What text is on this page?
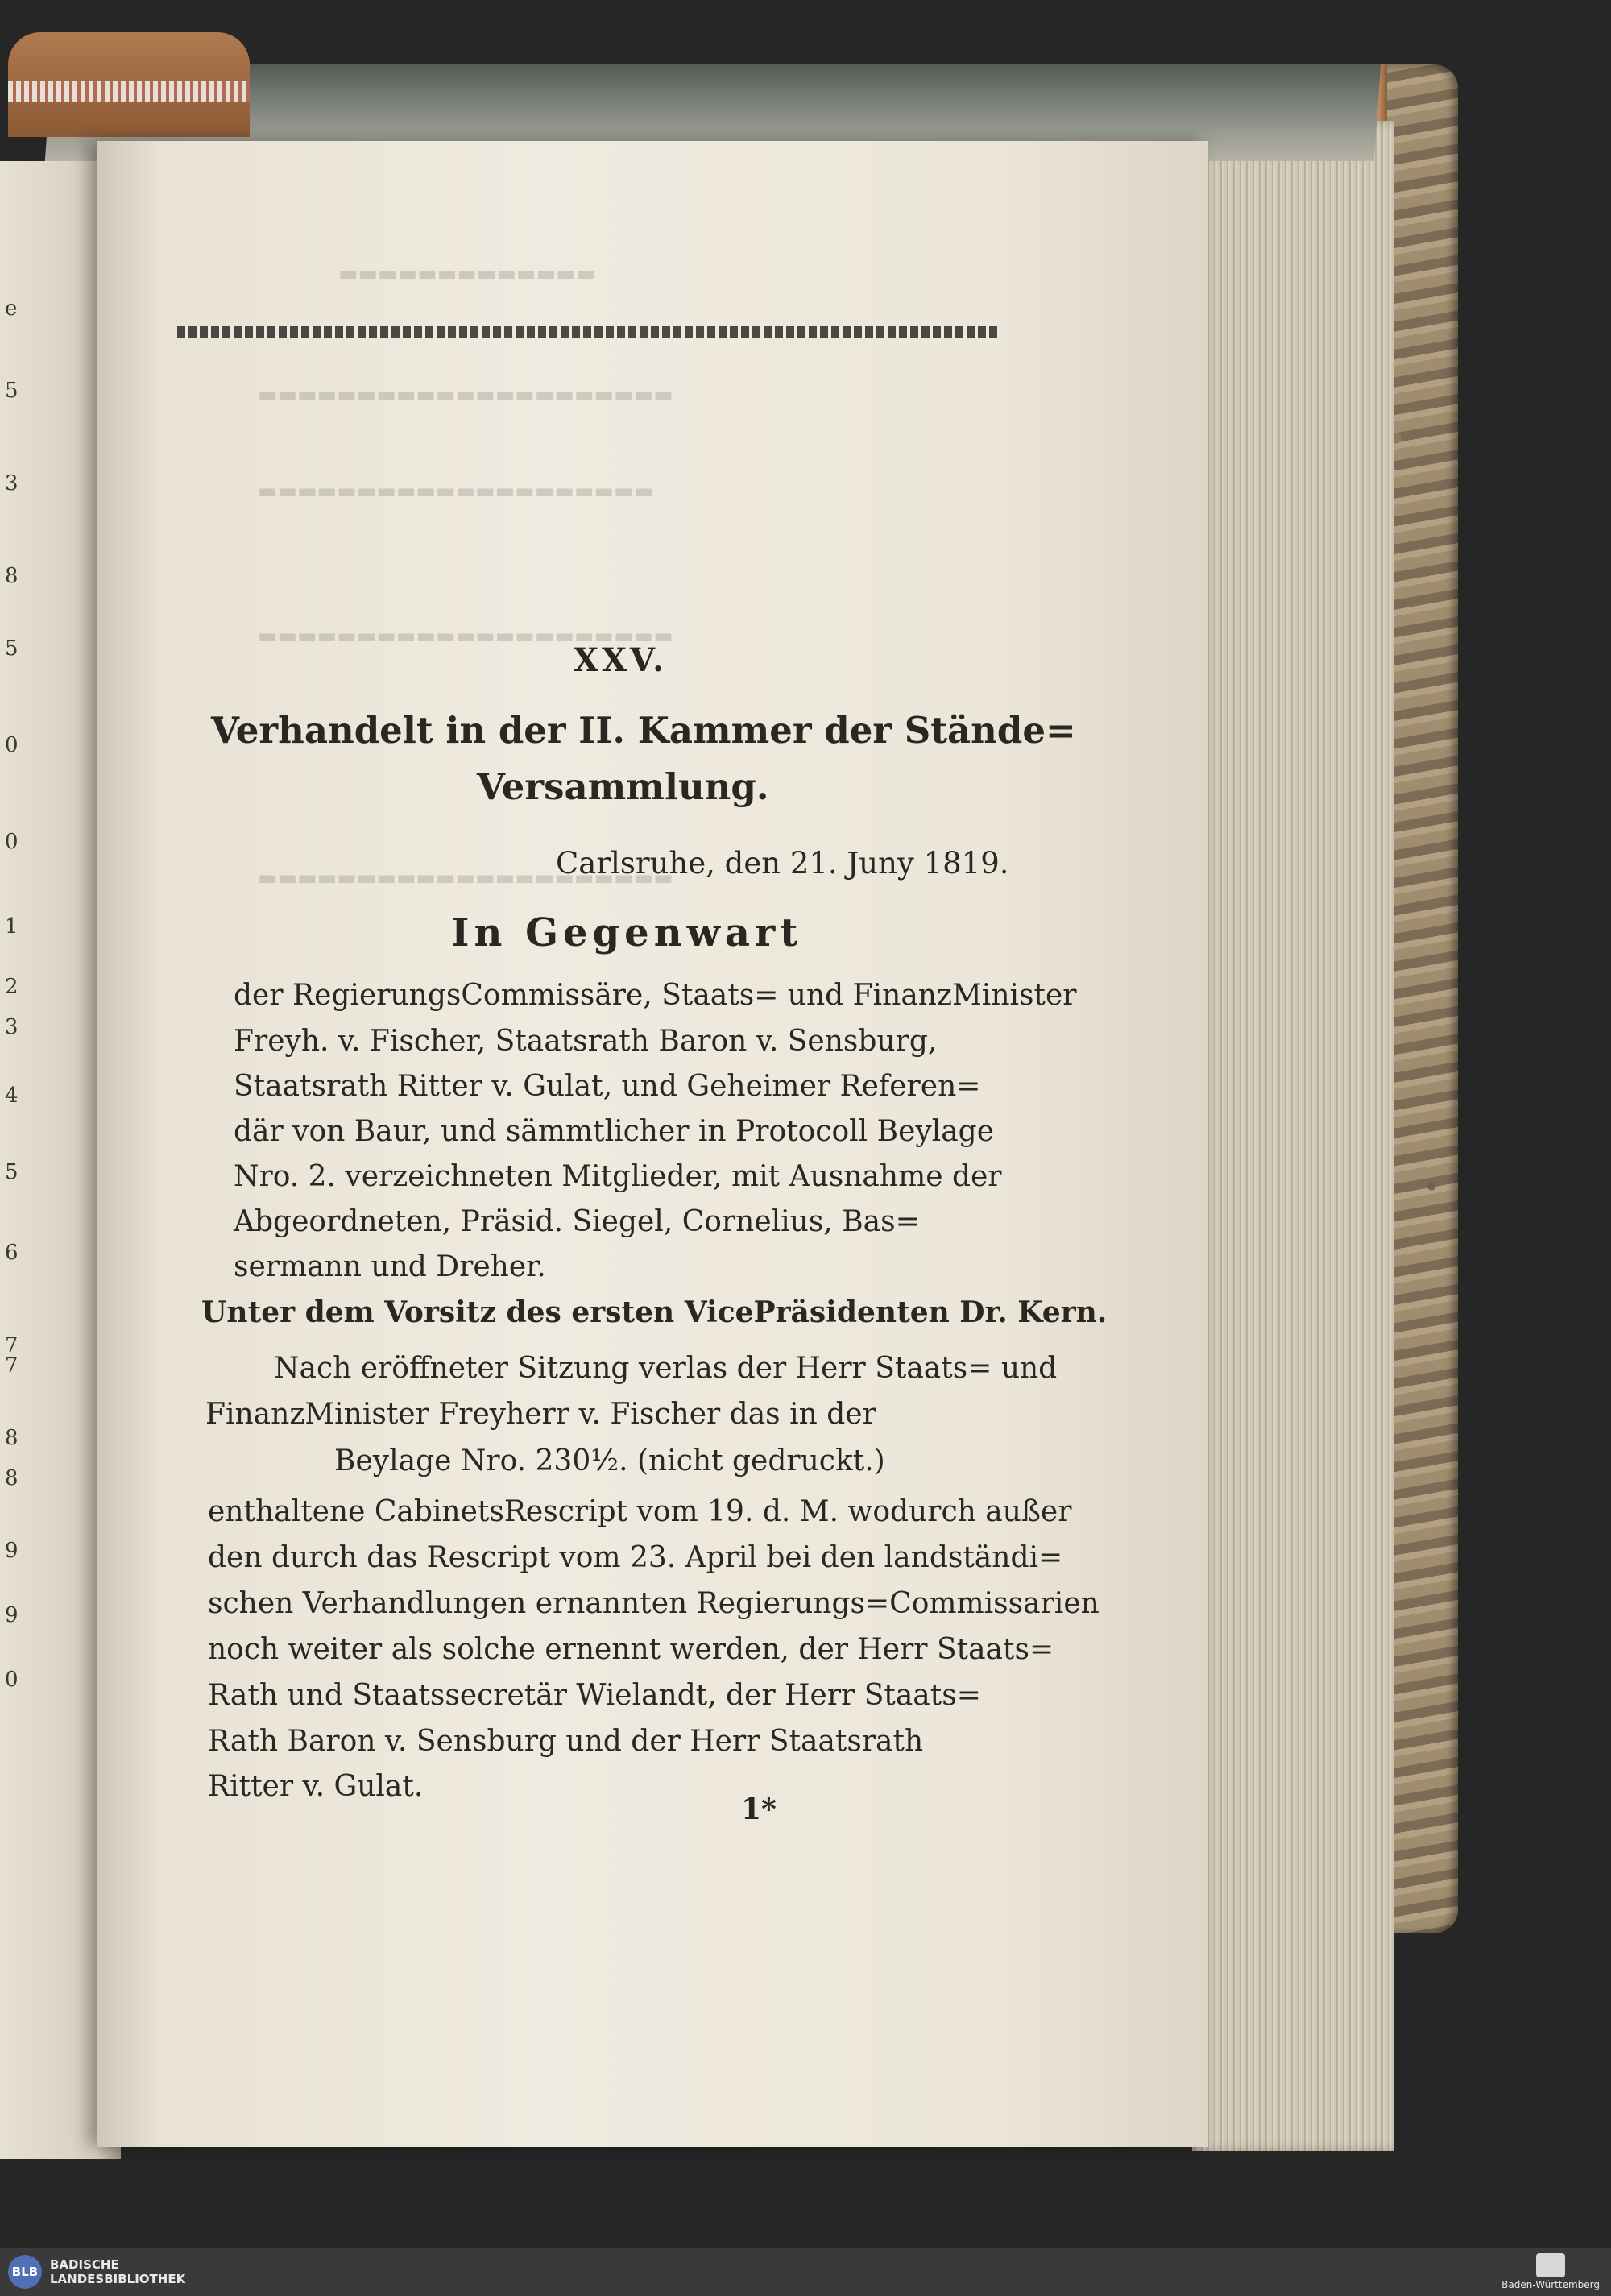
e
5
3
8
5
0
0
1
2
3
4
5
6
7
7
8
8
9
9
0
▬▬▬▬▬▬▬▬▬▬▬▬▬
▬▬▬▬▬▬▬▬▬▬▬▬▬▬▬▬▬▬▬▬▬
▬▬▬▬▬▬▬▬▬▬▬▬▬▬▬▬▬▬▬▬
▬▬▬▬▬▬▬▬▬▬▬▬▬▬▬▬▬▬▬▬▬
▬▬▬▬▬▬▬▬▬▬▬▬▬▬▬▬▬▬▬▬▬
XXV.
Verhandelt in der II. Kammer der Stände=
Versammlung.
Carlsruhe, den 21. Juny 1819.
In Gegenwart
der RegierungsCommissäre, Staats= und FinanzMinister
Freyh. v. Fischer, Staatsrath Baron v. Sensburg,
Staatsrath Ritter v. Gulat, und Geheimer Referen=
där von Baur, und sämmtlicher in Protocoll Beylage
Nro. 2. verzeichneten Mitglieder, mit Ausnahme der
Abgeordneten, Präsid. Siegel, Cornelius, Bas=
sermann und Dreher.
Unter dem Vorsitz des ersten VicePräsidenten Dr. Kern.
Nach eröffneter Sitzung verlas der Herr Staats= und
FinanzMinister Freyherr v. Fischer das in der
Beylage Nro. 230½. (nicht gedruckt.)
enthaltene CabinetsRescript vom 19. d. M. wodurch außer
den durch das Rescript vom 23. April bei den landständi=
schen Verhandlungen ernannten Regierungs=Commissarien
noch weiter als solche ernennt werden, der Herr Staats=
Rath und Staatssecretär Wielandt, der Herr Staats=
Rath Baron v. Sensburg und der Herr Staatsrath
Ritter v. Gulat.
1*
BLB BADISCHE
LANDESBIBLIOTHEK	Baden-Württemberg
